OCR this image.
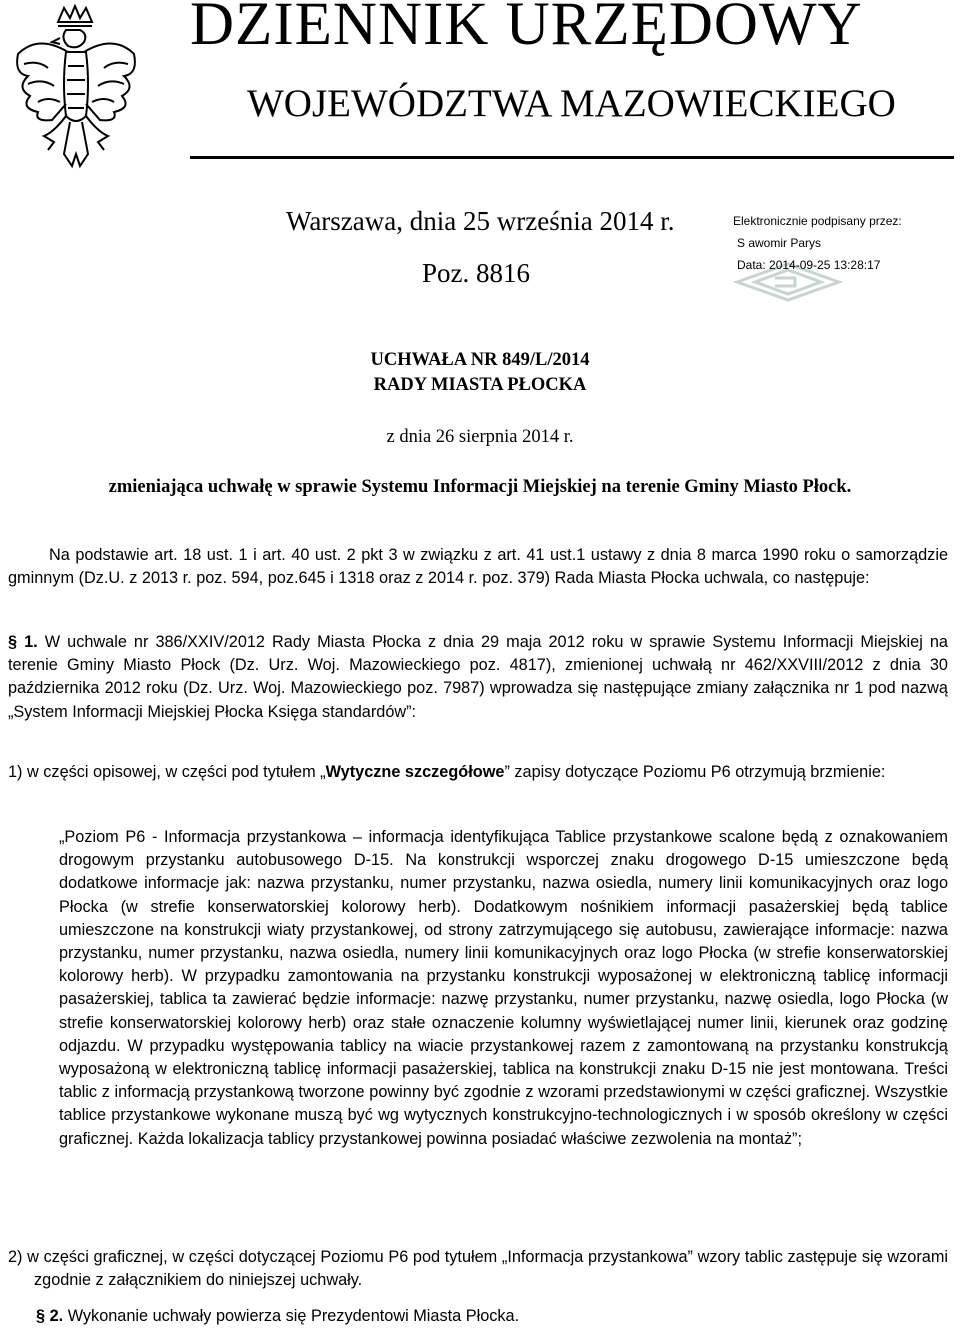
DZIENNIK URZĘDOWY
WOJEWÓDZTWA MAZOWIECKIEGO
Warszawa, dnia 25 września 2014 r.
Poz. 8816
Elektronicznie podpisany przez:
S awomir Parys
Data: 2014-09-25 13:28:17
UCHWAŁA NR 849/L/2014
RADY MIASTA PŁOCKA
z dnia 26 sierpnia 2014 r.
zmieniająca uchwałę w sprawie Systemu Informacji Miejskiej na terenie Gminy Miasto Płock.
Na podstawie art. 18 ust. 1 i art. 40 ust. 2 pkt 3 w związku z art. 41 ust.1 ustawy z dnia 8 marca 1990 roku o samorządzie gminnym (Dz.U. z 2013 r. poz. 594, poz.645 i 1318 oraz z 2014 r. poz. 379) Rada Miasta Płocka uchwala, co następuje:
§ 1. W uchwale nr 386/XXIV/2012 Rady Miasta Płocka z dnia 29 maja 2012 roku w sprawie Systemu Informacji Miejskiej na terenie Gminy Miasto Płock (Dz. Urz. Woj. Mazowieckiego poz. 4817), zmienionej uchwałą nr 462/XXVIII/2012 z dnia 30 października 2012 roku (Dz. Urz. Woj. Mazowieckiego poz. 7987) wprowadza się następujące zmiany załącznika nr 1 pod nazwą „System Informacji Miejskiej Płocka Księga standardów”:
1) w części opisowej, w części pod tytułem „Wytyczne szczegółowe” zapisy dotyczące Poziomu P6 otrzymują brzmienie:
„Poziom P6 - Informacja przystankowa – informacja identyfikująca Tablice przystankowe scalone będą z oznakowaniem drogowym przystanku autobusowego D-15. Na konstrukcji wsporczej znaku drogowego D-15 umieszczone będą dodatkowe informacje jak: nazwa przystanku, numer przystanku, nazwa osiedla, numery linii komunikacyjnych oraz logo Płocka (w strefie konserwatorskiej kolorowy herb). Dodatkowym nośnikiem informacji pasażerskiej będą tablice umieszczone na konstrukcji wiaty przystankowej, od strony zatrzymującego się autobusu, zawierające informacje: nazwa przystanku, numer przystanku, nazwa osiedla, numery linii komunikacyjnych oraz logo Płocka (w strefie konserwatorskiej kolorowy herb). W przypadku zamontowania na przystanku konstrukcji wyposażonej w elektroniczną tablicę informacji pasażerskiej, tablica ta zawierać będzie informacje: nazwę przystanku, numer przystanku, nazwę osiedla, logo Płocka (w strefie konserwatorskiej kolorowy herb) oraz stałe oznaczenie kolumny wyświetlającej numer linii, kierunek oraz godzinę odjazdu. W przypadku występowania tablicy na wiacie przystankowej razem z zamontowaną na przystanku konstrukcją wyposażoną w elektroniczną tablicę informacji pasażerskiej, tablica na konstrukcji znaku D-15 nie jest montowana. Treści tablic z informacją przystankową tworzone powinny być zgodnie z wzorami przedstawionymi w części graficznej. Wszystkie tablice przystankowe wykonane muszą być wg wytycznych konstrukcyjno-technologicznych i w sposób określony w części graficznej. Każda lokalizacja tablicy przystankowej powinna posiadać właściwe zezwolenia na montaż”;
2) w części graficznej, w części dotyczącej Poziomu P6 pod tytułem „Informacja przystankowa” wzory tablic zastępuje się wzorami zgodnie z załącznikiem do niniejszej uchwały.
§ 2. Wykonanie uchwały powierza się Prezydentowi Miasta Płocka.
